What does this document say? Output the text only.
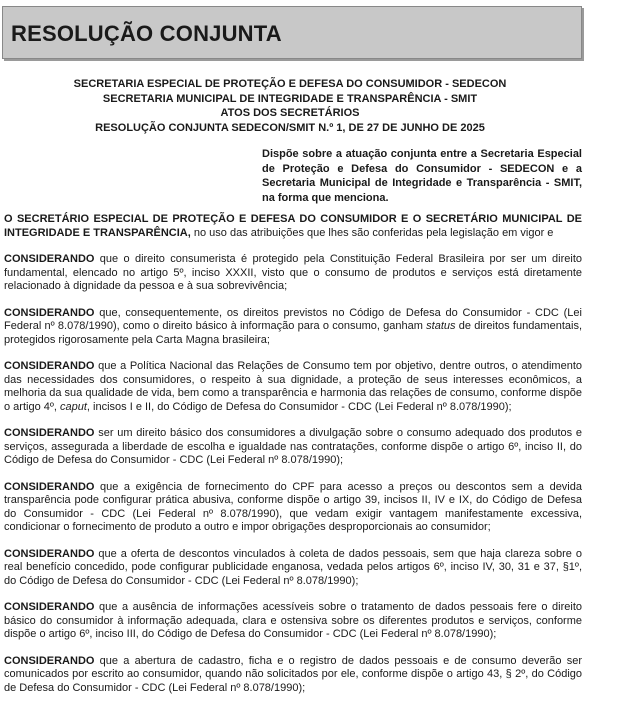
RESOLUÇÃO CONJUNTA
SECRETARIA ESPECIAL DE PROTEÇÃO E DEFESA DO CONSUMIDOR - SEDECON
SECRETARIA MUNICIPAL DE INTEGRIDADE E TRANSPARÊNCIA - SMIT
ATOS DOS SECRETÁRIOS
RESOLUÇÃO CONJUNTA SEDECON/SMIT N.º 1, DE 27 DE JUNHO DE 2025
Dispõe sobre a atuação conjunta entre a Secretaria Especial de Proteção e Defesa do Consumidor - SEDECON e a Secretaria Municipal de Integridade e Transparência - SMIT, na forma que menciona.

O SECRETÁRIO ESPECIAL DE PROTEÇÃO E DEFESA DO CONSUMIDOR E O SECRETÁRIO MUNICIPAL DE INTEGRIDADE E TRANSPARÊNCIA, no uso das atribuições que lhes são conferidas pela legislação em vigor e

CONSIDERANDO que o direito consumerista é protegido pela Constituição Federal Brasileira por ser um direito fundamental, elencado no artigo 5º, inciso XXXII, visto que o consumo de produtos e serviços está diretamente relacionado à dignidade da pessoa e à sua sobrevivência;

CONSIDERANDO que, consequentemente, os direitos previstos no Código de Defesa do Consumidor - CDC (Lei Federal nº 8.078/1990), como o direito básico à informação para o consumo, ganham status de direitos fundamentais, protegidos rigorosamente pela Carta Magna brasileira;

CONSIDERANDO que a Política Nacional das Relações de Consumo tem por objetivo, dentre outros, o atendimento das necessidades dos consumidores, o respeito à sua dignidade, a proteção de seus interesses econômicos, a melhoria da sua qualidade de vida, bem como a transparência e harmonia das relações de consumo, conforme dispõe o artigo 4º, caput, incisos I e II, do Código de Defesa do Consumidor - CDC (Lei Federal nº 8.078/1990);

CONSIDERANDO ser um direito básico dos consumidores a divulgação sobre o consumo adequado dos produtos e serviços, assegurada a liberdade de escolha e igualdade nas contratações, conforme dispõe o artigo 6º, inciso II, do Código de Defesa do Consumidor - CDC (Lei Federal nº 8.078/1990);

CONSIDERANDO que a exigência de fornecimento do CPF para acesso a preços ou descontos sem a devida transparência pode configurar prática abusiva, conforme dispõe o artigo 39, incisos II, IV e IX, do Código de Defesa do Consumidor - CDC (Lei Federal nº 8.078/1990), que vedam exigir vantagem manifestamente excessiva, condicionar o fornecimento de produto a outro e impor obrigações desproporcionais ao consumidor;

CONSIDERANDO que a oferta de descontos vinculados à coleta de dados pessoais, sem que haja clareza sobre o real benefício concedido, pode configurar publicidade enganosa, vedada pelos artigos 6º, inciso IV, 30, 31 e 37, §1º, do Código de Defesa do Consumidor - CDC (Lei Federal nº 8.078/1990);

CONSIDERANDO que a ausência de informações acessíveis sobre o tratamento de dados pessoais fere o direito básico do consumidor à informação adequada, clara e ostensiva sobre os diferentes produtos e serviços, conforme dispõe o artigo 6º, inciso III, do Código de Defesa do Consumidor - CDC (Lei Federal nº 8.078/1990);

CONSIDERANDO que a abertura de cadastro, ficha e o registro de dados pessoais e de consumo deverão ser comunicados por escrito ao consumidor, quando não solicitados por ele, conforme dispõe o artigo 43, § 2º, do Código de Defesa do Consumidor - CDC (Lei Federal nº 8.078/1990);
